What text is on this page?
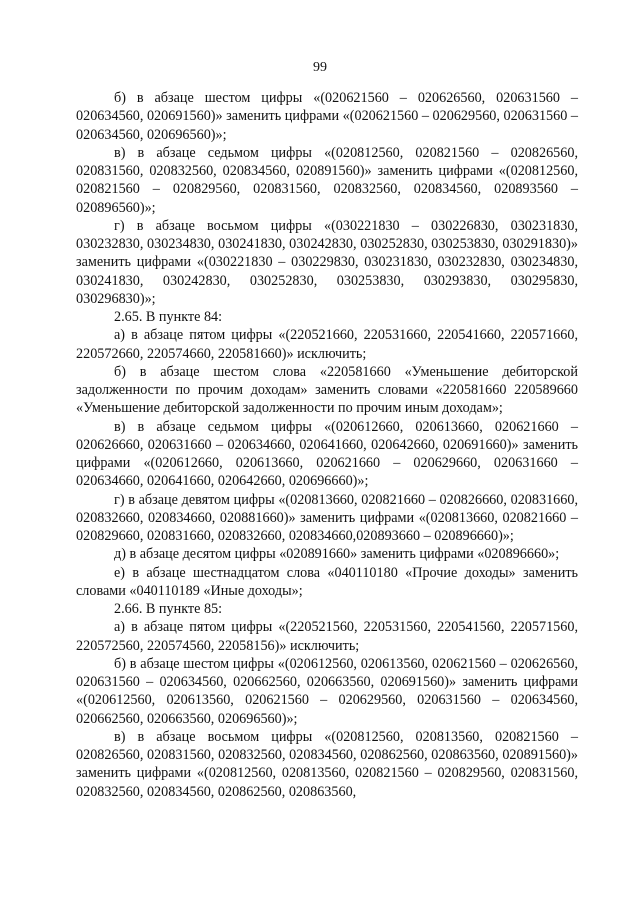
99

б) в абзаце шестом цифры «(020621560 – 020626560, 020631560 – 020634560, 020691560)» заменить цифрами «(020621560 – 020629560, 020631560 – 020634560, 020696560)»;

в) в абзаце седьмом цифры «(020812560, 020821560 – 020826560, 020831560, 020832560, 020834560, 020891560)» заменить цифрами «(020812560, 020821560 – 020829560, 020831560, 020832560, 020834560, 020893560 – 020896560)»;

г) в абзаце восьмом цифры «(030221830 – 030226830, 030231830, 030232830, 030234830, 030241830, 030242830, 030252830, 030253830, 030291830)» заменить цифрами «(030221830 – 030229830, 030231830, 030232830, 030234830, 030241830, 030242830, 030252830, 030253830, 030293830, 030295830, 030296830)»;

2.65. В пункте 84:

а) в абзаце пятом цифры «(220521660, 220531660, 220541660, 220571660, 220572660, 220574660, 220581660)» исключить;

б) в абзаце шестом слова «220581660 «Уменьшение дебиторской задолженности по прочим доходам» заменить словами «220581660 220589660 «Уменьшение дебиторской задолженности по прочим иным доходам»;

в) в абзаце седьмом цифры «(020612660, 020613660, 020621660 – 020626660, 020631660 – 020634660, 020641660, 020642660, 020691660)» заменить цифрами «(020612660, 020613660, 020621660 – 020629660, 020631660 – 020634660, 020641660, 020642660, 020696660)»;

г) в абзаце девятом цифры «(020813660, 020821660 – 020826660, 020831660, 020832660, 020834660, 020881660)» заменить цифрами «(020813660, 020821660 – 020829660, 020831660, 020832660, 020834660,020893660 – 020896660)»;

д) в абзаце десятом цифры «020891660» заменить цифрами «020896660»;

е) в абзаце шестнадцатом слова «040110180 «Прочие доходы» заменить словами «040110189 «Иные доходы»;

2.66. В пункте 85:

а) в абзаце пятом цифры «(220521560, 220531560, 220541560, 220571560, 220572560, 220574560, 22058156)» исключить;

б) в абзаце шестом цифры «(020612560, 020613560, 020621560 – 020626560, 020631560 – 020634560, 020662560, 020663560, 020691560)» заменить цифрами «(020612560, 020613560, 020621560 – 020629560, 020631560 – 020634560, 020662560, 020663560, 020696560)»;

в) в абзаце восьмом цифры «(020812560, 020813560, 020821560 – 020826560, 020831560, 020832560, 020834560, 020862560, 020863560, 020891560)» заменить цифрами «(020812560, 020813560, 020821560 – 020829560, 020831560, 020832560, 020834560, 020862560, 020863560,
